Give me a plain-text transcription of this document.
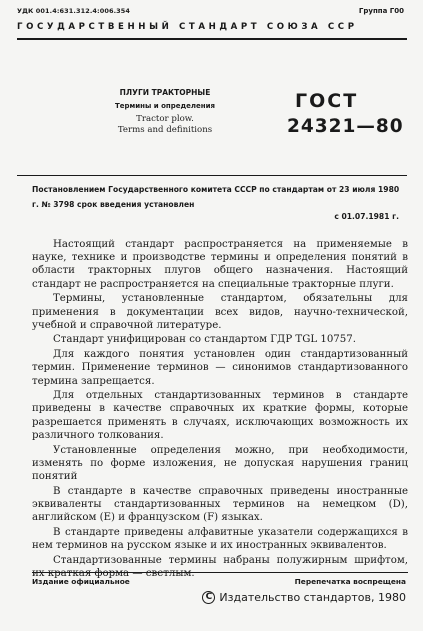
УДК 001.4:631.312.4:006.354	Группа Г00
ГОСУДАРСТВЕННЫЙ СТАНДАРТ СОЮЗА ССР
ПЛУГИ ТРАКТОРНЫЕ
Термины и определения
Tractor plow.
Terms and definitions
ГОСТ
24321—80
Постановлением Государственного комитета СССР по стандартам от 23 июля 1980 г. № 3798 срок введения установлен
с 01.07.1981 г.

Настоящий стандарт распространяется на применяемые в науке, технике и производстве термины и определения понятий в области тракторных плугов общего назначения. Настоящий стандарт не распространяется на специальные тракторные плуги.

Термины, установленные стандартом, обязательны для применения в документации всех видов, научно-технической, учебной и справочной литературе.

Стандарт унифицирован со стандартом ГДР TGL 10757.

Для каждого понятия установлен один стандартизованный термин. Применение терминов — синонимов стандартизованного термина запрещается.

Для отдельных стандартизованных терминов в стандарте приведены в качестве справочных их краткие формы, которые разрешается применять в случаях, исключающих возможность их различного толкования.

Установленные определения можно, при необходимости, изменять по форме изложения, не допуская нарушения границ понятий

В стандарте в качестве справочных приведены иностранные эквиваленты стандартизованных терминов на немецком (D), английском (Е) и французском (F) языках.

В стандарте приведены алфавитные указатели содержащихся в нем терминов на русском языке и их иностранных эквивалентов.

Стандартизованные термины набраны полужирным шрифтом, их краткая форма — светлым.

Издание официальное	Перепечатка воспрещена
C Издательство стандартов, 1980
